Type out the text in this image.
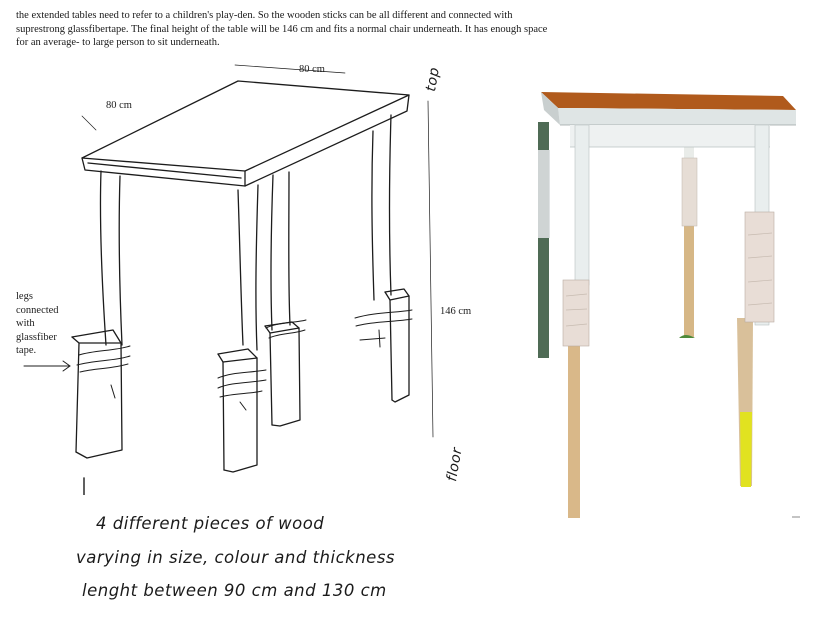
the extended tables need to refer to a children's play-den. So the wooden sticks can be all different and connected with suprestrong glassfibertape. The final height of the table will be 146 cm and fits a normal chair underneath. It has enough space for an average- to large person to sit underneath.

80 cm
80 cm
146 cm
top
floor
legs
connected
with
glassfiber
tape.
4 different pieces of wood
varying in size, colour and thickness
lenght between 90 cm and 130 cm
